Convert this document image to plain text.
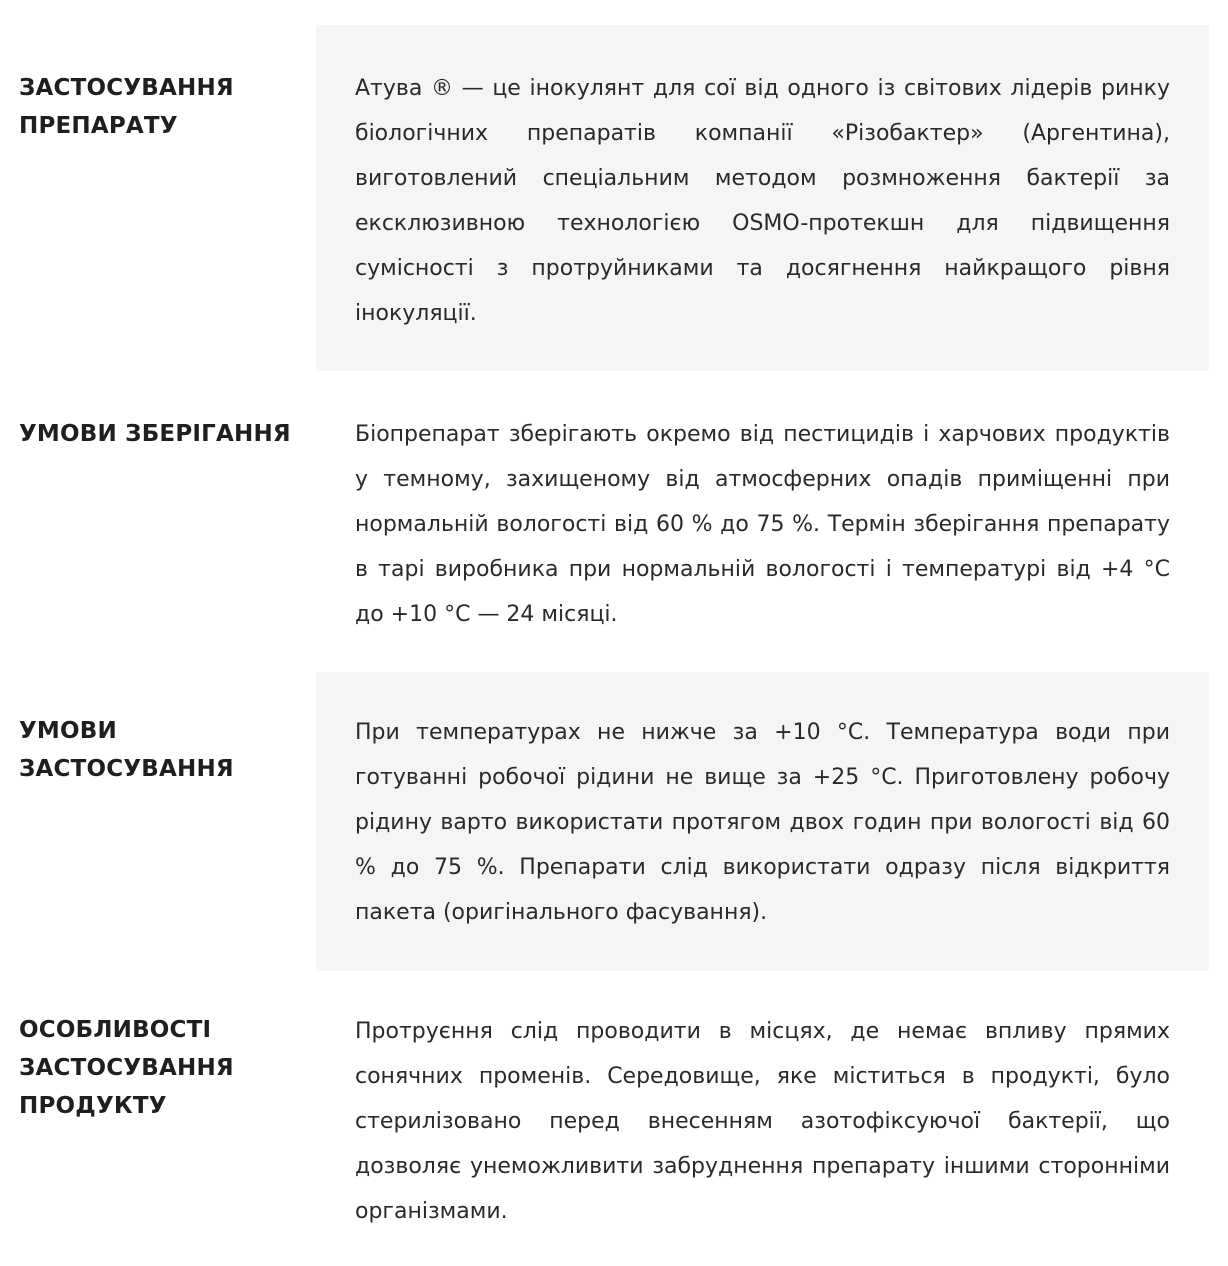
ЗАСТОСУВАННЯ ПРЕПАРАТУ
Атува ® — це інокулянт для сої від одного із світових лідерів ринку біологічних препаратів компанії «Різобактер» (Аргентина), виготовлений спеціальним методом розмноження бактерії за ексклюзивною технологією OSMO-протекшн для підвищення сумісності з протруйниками та досягнення найкращого рівня інокуляції.
УМОВИ ЗБЕРІГАННЯ	Біопрепарат зберігають окремо від пестицидів і харчових продуктів у темному, захищеному від атмосферних опадів приміщенні при нормальній вологості від 60 % до 75 %. Термін зберігання препарату в тарі виробника при нормальній вологості і температурі від +4 °С до +10 °С — 24 місяці.
УМОВИ ЗАСТОСУВАННЯ
При температурах не нижче за +10 °С. Температура води при готуванні робочої рідини не вище за +25 °С. Приготовлену робочу рідину варто використати протягом двох годин при вологості від 60 % до 75 %. Препарати слід використати одразу після відкриття пакета (оригінального фасування).
ОСОБЛИВОСТІ ЗАСТОСУВАННЯ ПРОДУКТУ
Протруєння слід проводити в місцях, де немає впливу прямих сонячних променів. Середовище, яке міститься в продукті, було стерилізовано перед внесенням азотофіксуючої бактерії, що дозволяє унеможливити забруднення препарату іншими сторонніми організмами.
